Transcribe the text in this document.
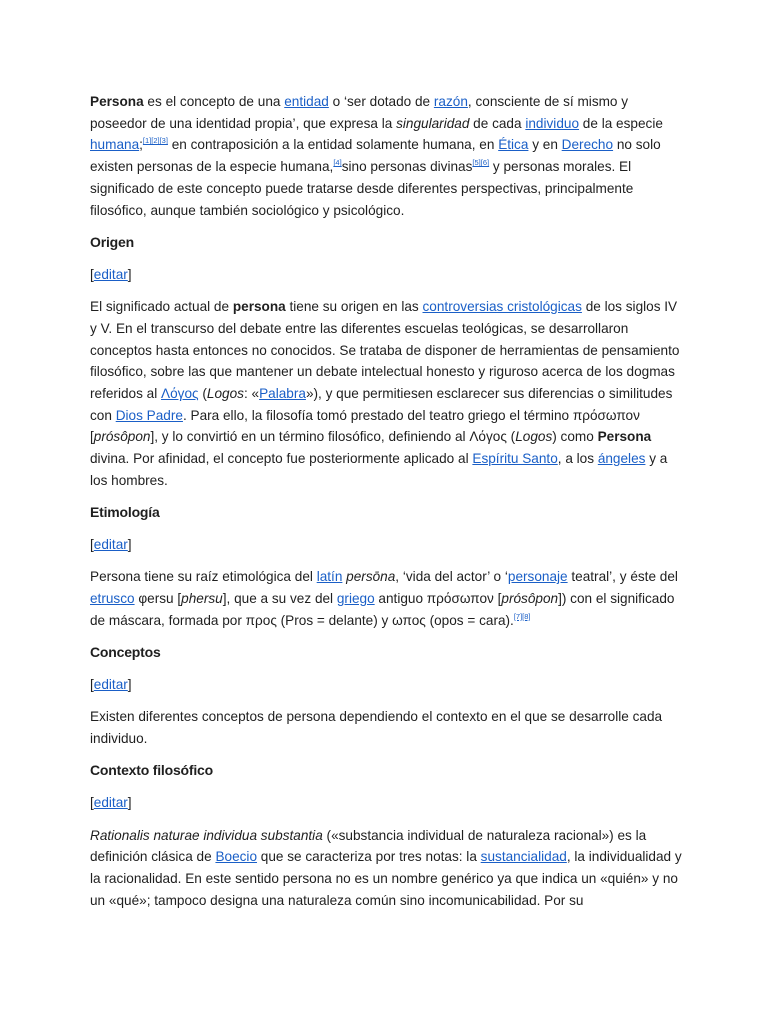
Persona es el concepto de una entidad o ‘ser dotado de razón, consciente de sí mismo y poseedor de una identidad propia’, que expresa la singularidad de cada individuo de la especie humana;[1][2][3] en contraposición a la entidad solamente humana, en Ética y en Derecho no solo existen personas de la especie humana,[4]sino personas divinas[5][6] y personas morales. El significado de este concepto puede tratarse desde diferentes perspectivas, principalmente filosófico, aunque también sociológico y psicológico.

Origen

[editar]

El significado actual de persona tiene su origen en las controversias cristológicas de los siglos IV y V. En el transcurso del debate entre las diferentes escuelas teológicas, se desarrollaron conceptos hasta entonces no conocidos. Se trataba de disponer de herramientas de pensamiento filosófico, sobre las que mantener un debate intelectual honesto y riguroso acerca de los dogmas referidos al Λόγος (Logos: «Palabra»), y que permitiesen esclarecer sus diferencias o similitudes con Dios Padre. Para ello, la filosofía tomó prestado del teatro griego el término πρόσωπον [prósôpon], y lo convirtió en un término filosófico, definiendo al Λόγος (Logos) como Persona divina. Por afinidad, el concepto fue posteriormente aplicado al Espíritu Santo, a los ángeles y a los hombres.

Etimología

[editar]

Persona tiene su raíz etimológica del latín persōna, ‘vida del actor’ o ‘personaje teatral’, y éste del etrusco φersu [phersu], que a su vez del griego antiguo πρόσωπον [prósôpon]) con el significado de máscara, formada por προς (Pros = delante) y ωπος (opos = cara).[7][8]

Conceptos

[editar]

Existen diferentes conceptos de persona dependiendo el contexto en el que se desarrolle cada individuo.

Contexto filosófico

[editar]

Rationalis naturae individua substantia («substancia individual de naturaleza racional») es la definición clásica de Boecio que se caracteriza por tres notas: la sustancialidad, la individualidad y la racionalidad. En este sentido persona no es un nombre genérico ya que indica un «quién» y no un «qué»; tampoco designa una naturaleza común sino incomunicabilidad. Por su
